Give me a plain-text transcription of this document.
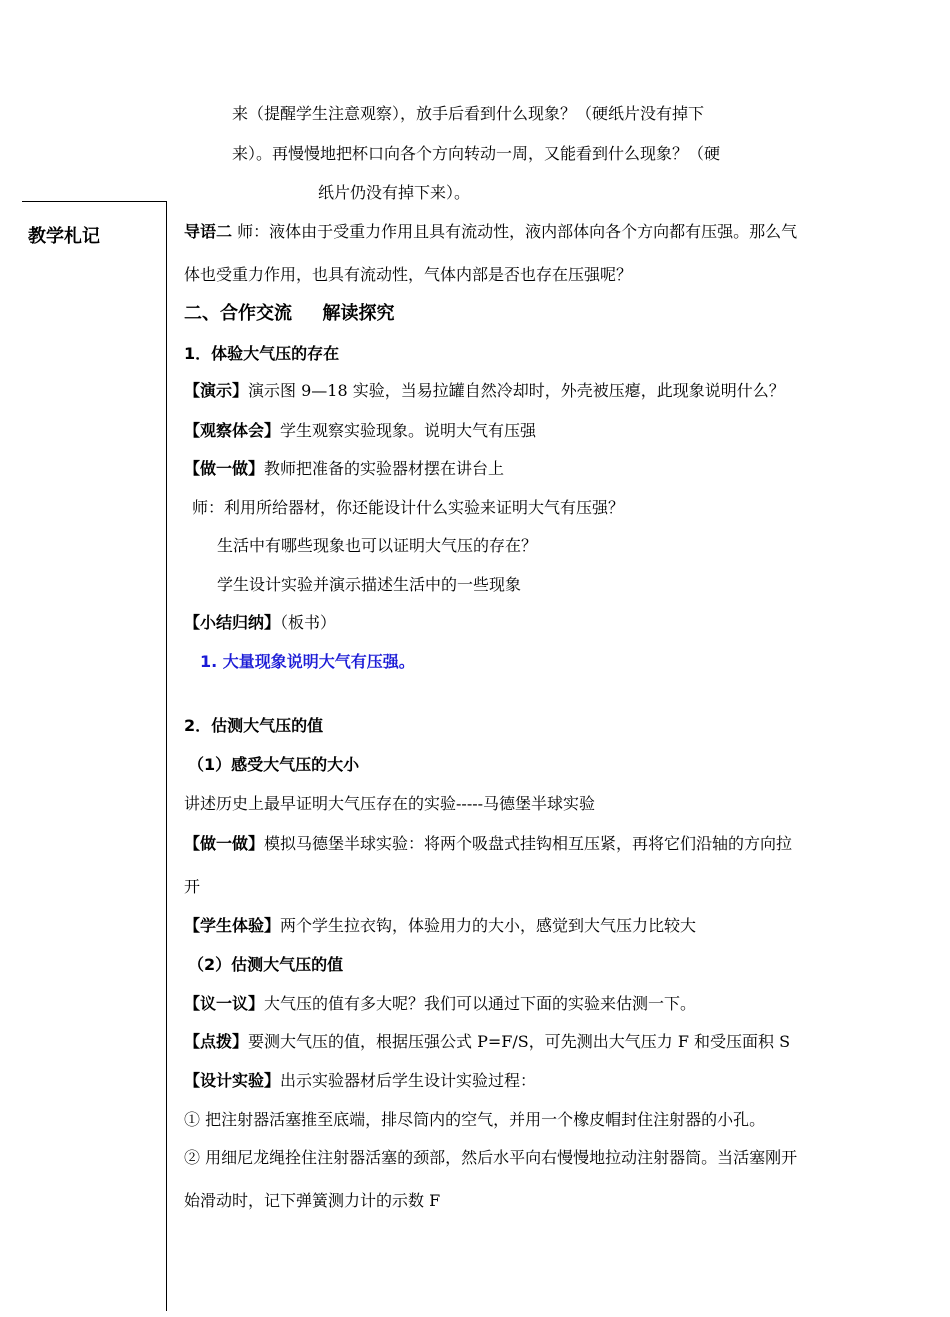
来（提醒学生注意观察），放手后看到什么现象？（硬纸片没有掉下
来）。再慢慢地把杯口向各个方向转动一周，又能看到什么现象？（硬
纸片仍没有掉下来）。
教学札记	导语二 师：液体由于受重力作用且具有流动性，液内部体向各个方向都有压强。那么气
体也受重力作用，也具有流动性，气体内部是否也存在压强呢？
二、合作交流 　 解读探究
1．体验大气压的存在
【演示】演示图 9—18 实验，当易拉罐自然冷却时，外壳被压瘪，此现象说明什么？
【观察体会】学生观察实验现象。说明大气有压强
【做一做】教师把准备的实验器材摆在讲台上
师：利用所给器材，你还能设计什么实验来证明大气有压强？
生活中有哪些现象也可以证明大气压的存在？
学生设计实验并演示描述生活中的一些现象
【小结归纳】（板书）
1. 大量现象说明大气有压强。
2．估测大气压的值
（1）感受大气压的大小
讲述历史上最早证明大气压存在的实验-----马德堡半球实验
【做一做】模拟马德堡半球实验：将两个吸盘式挂钩相互压紧，再将它们沿轴的方向拉
开
【学生体验】两个学生拉衣钩，体验用力的大小，感觉到大气压力比较大
（2）估测大气压的值
【议一议】大气压的值有多大呢？我们可以通过下面的实验来估测一下。
【点拨】要测大气压的值，根据压强公式 P=F/S，可先测出大气压力 F 和受压面积 S
【设计实验】出示实验器材后学生设计实验过程：
① 把注射器活塞推至底端，排尽筒内的空气，并用一个橡皮帽封住注射器的小孔。
② 用细尼龙绳拴住注射器活塞的颈部，然后水平向右慢慢地拉动注射器筒。当活塞刚开
始滑动时，记下弹簧测力计的示数 F
